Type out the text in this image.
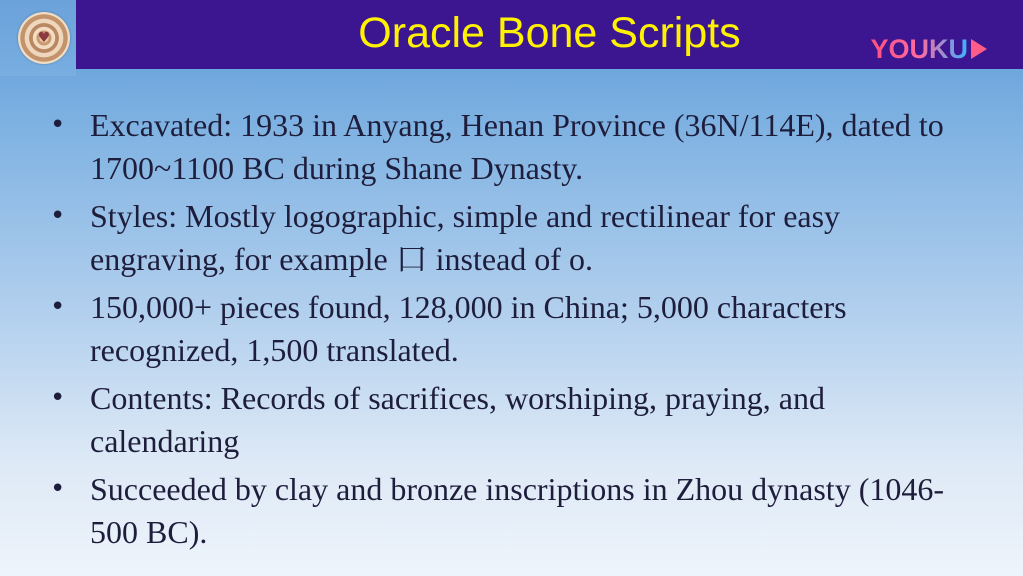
♥	Oracle Bone Scripts	YOUKU
• Excavated: 1933 in Anyang, Henan Province (36N/114E), dated to 1700~1100 BC during Shane Dynasty.
• Styles: Mostly logographic, simple and rectilinear for easy engraving, for example 口 instead of o.
• 150,000+ pieces found, 128,000 in China; 5,000 characters recognized, 1,500 translated.
• Contents: Records of sacrifices, worshiping, praying, and calendaring
• Succeeded by clay and bronze inscriptions in Zhou dynasty (1046-500 BC).
